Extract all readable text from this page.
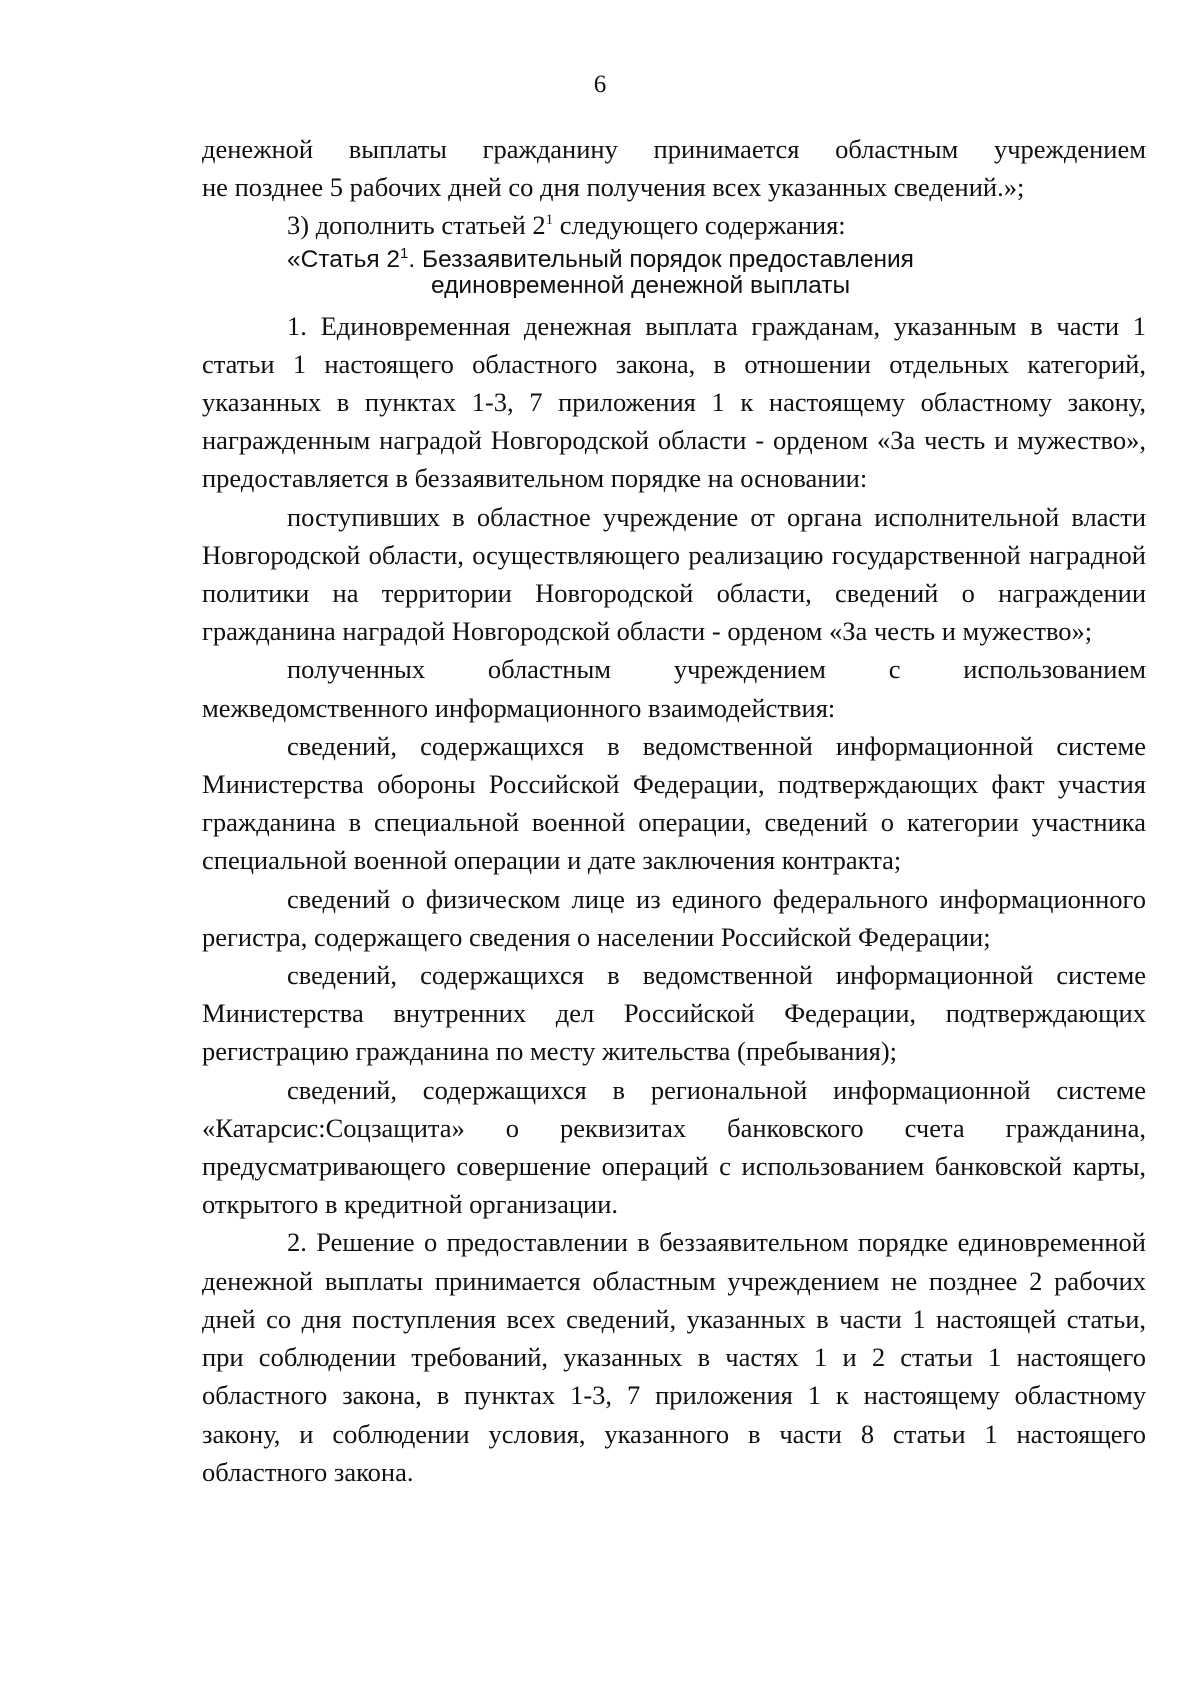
6

денежной выплаты гражданину принимается областным учреждением

не позднее 5 рабочих дней со дня получения всех указанных сведений.»;

3) дополнить статьей $2^1$ следующего содержания:

«Статья $2^1$. Беззаявительный порядок предоставления
единовременной денежной выплаты

1. Единовременная денежная выплата гражданам, указанным в части 1 статьи 1 настоящего областного закона, в отношении отдельных категорий, указанных в пунктах 1-3, 7 приложения 1 к настоящему областному закону, награжденным наградой Новгородской области - орденом «За честь и мужество», предоставляется в беззаявительном порядке на основании:

поступивших в областное учреждение от органа исполнительной власти Новгородской области, осуществляющего реализацию государственной наградной политики на территории Новгородской области, сведений о награждении гражданина наградой Новгородской области - орденом «За честь и мужество»;

полученных областным учреждением с использованием межведомственного информационного взаимодействия:

сведений, содержащихся в ведомственной информационной системе Министерства обороны Российской Федерации, подтверждающих факт участия гражданина в специальной военной операции, сведений о категории участника специальной военной операции и дате заключения контракта;

сведений о физическом лице из единого федерального информационного регистра, содержащего сведения о населении Российской Федерации;

сведений, содержащихся в ведомственной информационной системе Министерства внутренних дел Российской Федерации, подтверждающих регистрацию гражданина по месту жительства (пребывания);

сведений, содержащихся в региональной информационной системе «Катарсис:Соцзащита» о реквизитах банковского счета гражданина, предусматривающего совершение операций с использованием банковской карты, открытого в кредитной организации.

2. Решение о предоставлении в беззаявительном порядке единовременной денежной выплаты принимается областным учреждением не позднее 2 рабочих дней со дня поступления всех сведений, указанных в части 1 настоящей статьи, при соблюдении требований, указанных в частях 1 и 2 статьи 1 настоящего областного закона, в пунктах 1-3, 7 приложения 1 к настоящему областному закону, и соблюдении условия, указанного в части 8 статьи 1 настоящего областного закона.
